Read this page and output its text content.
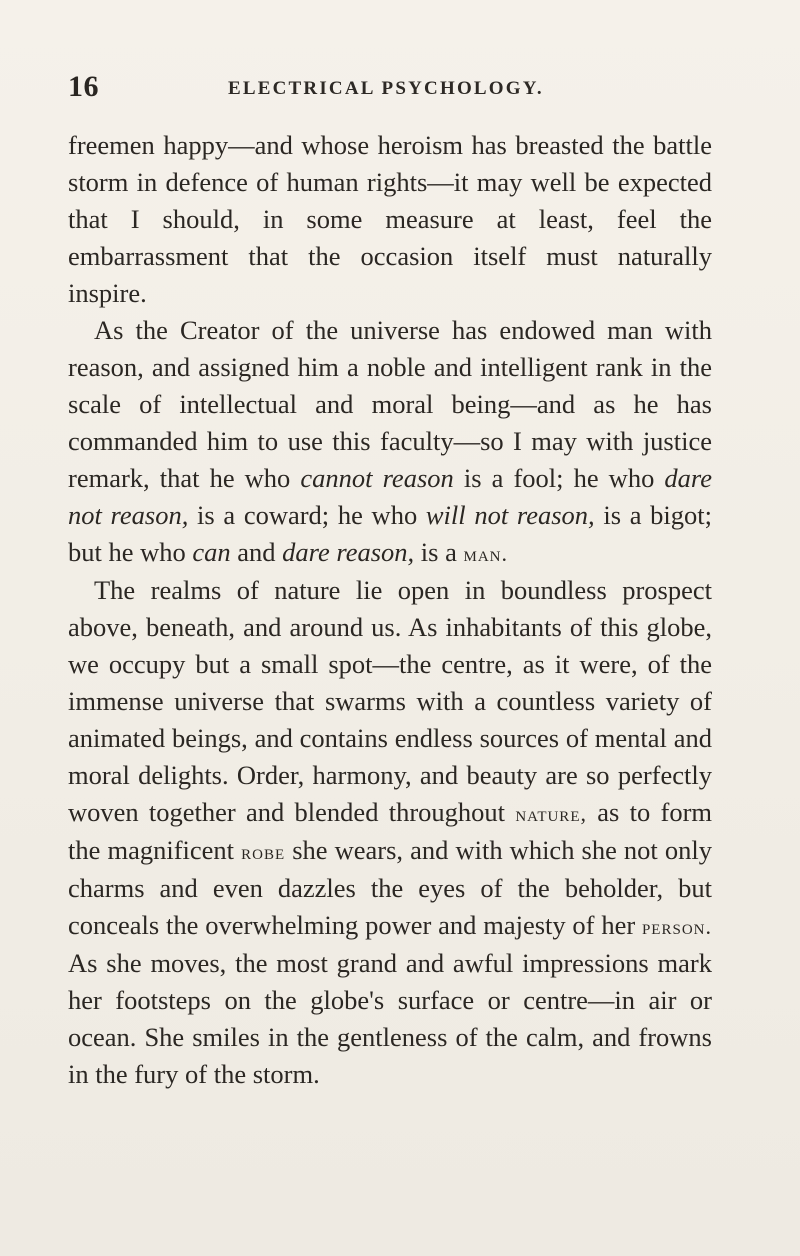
16	ELECTRICAL PSYCHOLOGY.

freemen happy—and whose heroism has breasted the battle storm in defence of human rights—it may well be expected that I should, in some measure at least, feel the embarrassment that the occasion itself must naturally inspire.

As the Creator of the universe has endowed man with reason, and assigned him a noble and intelligent rank in the scale of intellectual and moral being—and as he has commanded him to use this faculty—so I may with justice remark, that he who cannot reason is a fool; he who dare not reason, is a coward; he who will not reason, is a bigot; but he who can and dare reason, is a man.

The realms of nature lie open in boundless prospect above, beneath, and around us. As inhabitants of this globe, we occupy but a small spot—the centre, as it were, of the immense universe that swarms with a countless variety of animated beings, and contains endless sources of mental and moral delights. Order, harmony, and beauty are so perfectly woven together and blended throughout nature, as to form the magnificent robe she wears, and with which she not only charms and even dazzles the eyes of the beholder, but conceals the overwhelming power and majesty of her person. As she moves, the most grand and awful impressions mark her footsteps on the globe's surface or centre—in air or ocean. She smiles in the gentleness of the calm, and frowns in the fury of the storm.
